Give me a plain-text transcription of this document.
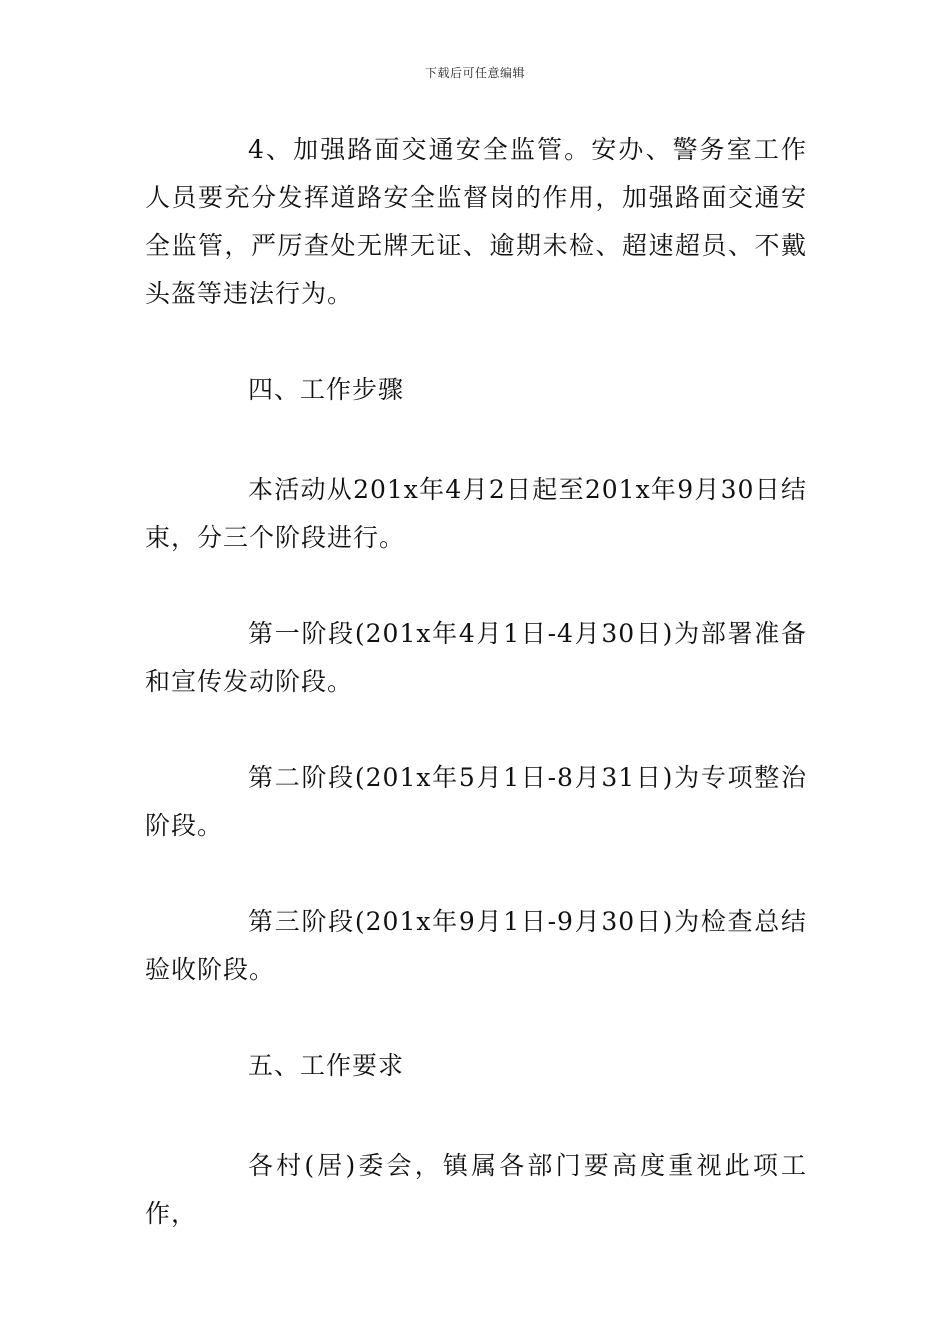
下载后可任意编辑

4、加强路面交通安全监管。安办、警务室工作人员要充分发挥道路安全监督岗的作用，加强路面交通安全监管，严厉查处无牌无证、逾期未检、超速超员、不戴头盔等违法行为。

四、工作步骤

本活动从201x年4月2日起至201x年9月30日结束，分三个阶段进行。

第一阶段(201x年4月1日-4月30日)为部署准备和宣传发动阶段。

第二阶段(201x年5月1日-8月31日)为专项整治阶段。

第三阶段(201x年9月1日-9月30日)为检查总结验收阶段。

五、工作要求

各村(居)委会，镇属各部门要高度重视此项工作，
